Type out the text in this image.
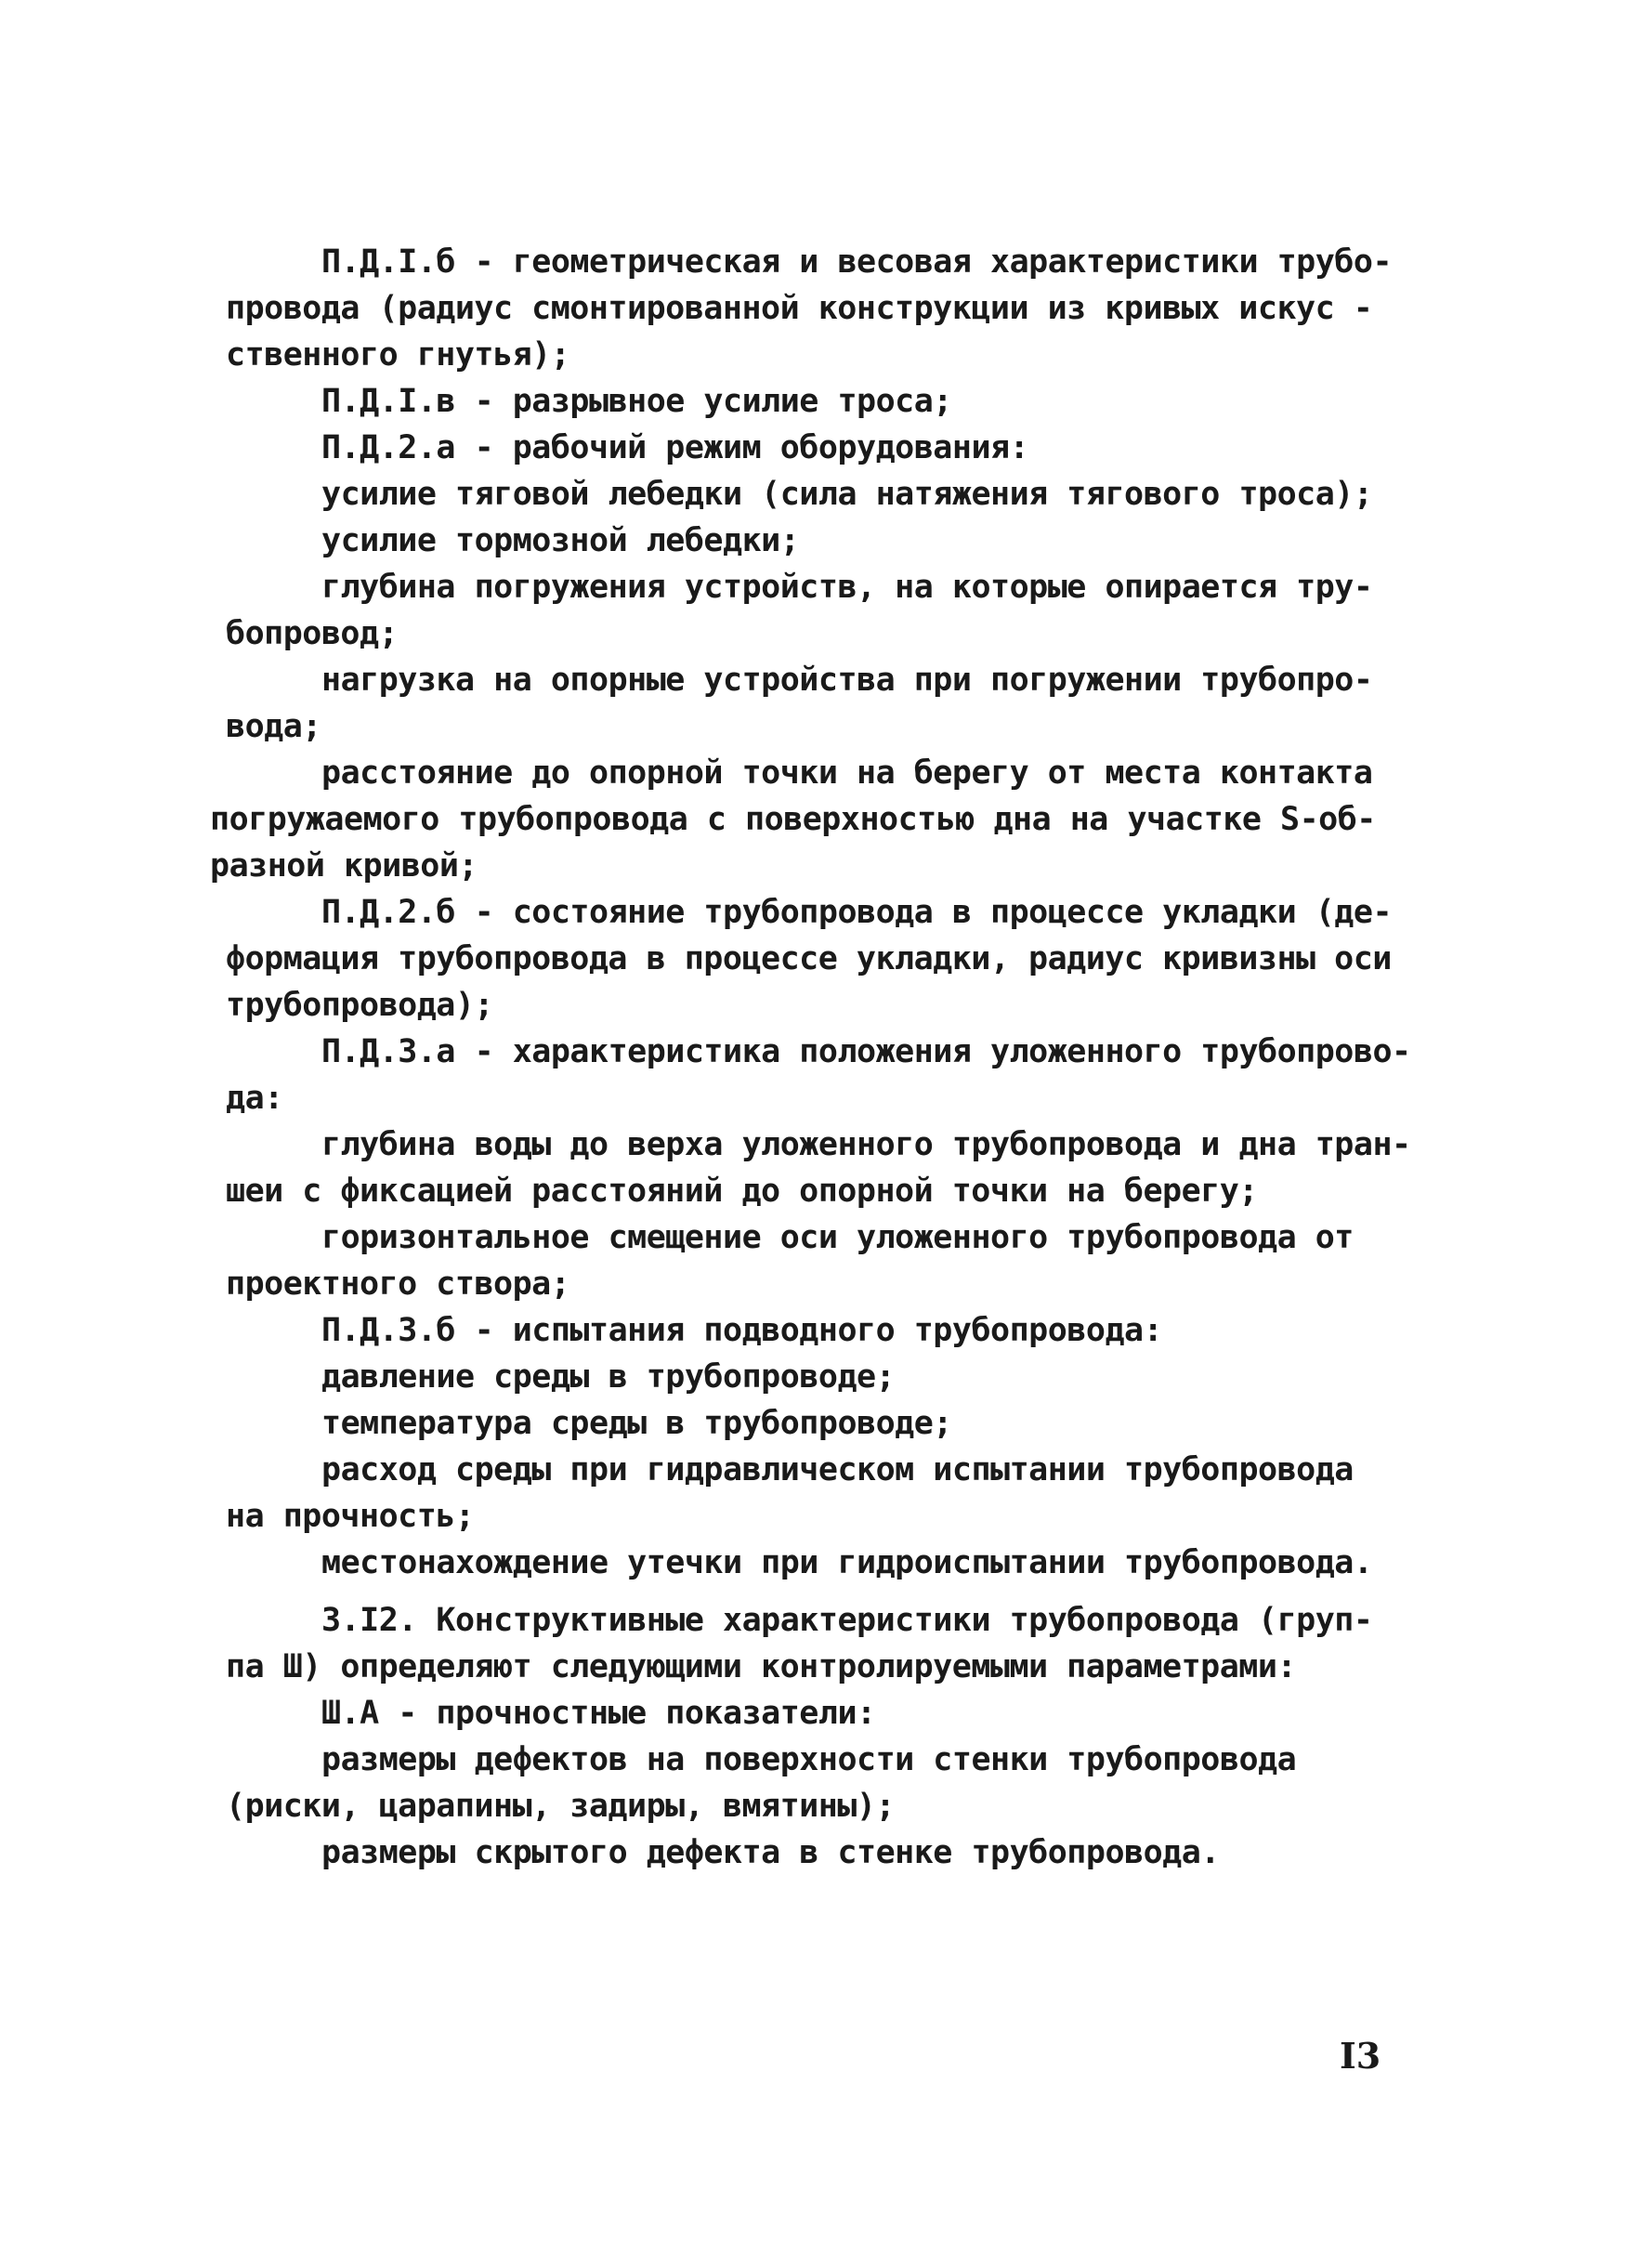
П.Д.I.б - геометрическая и весовая характеристики трубо-
провода (радиус смонтированной конструкции из кривых искус -
ственного гнутья);
П.Д.I.в - разрывное усилие троса;
П.Д.2.а - рабочий режим оборудования:
усилие тяговой лебедки (сила натяжения тягового троса);
усилие тормозной лебедки;
глубина погружения устройств, на которые опирается тру-
бопровод;
нагрузка на опорные устройства при погружении трубопро-
вода;
расстояние до опорной точки на берегу от места контакта
погружаемого трубопровода с поверхностью дна на участке S-об-
разной кривой;
П.Д.2.б - состояние трубопровода в процессе укладки (де-
формация трубопровода в процессе укладки, радиус кривизны оси
трубопровода);
П.Д.3.а - характеристика положения уложенного трубопрово-
да:
глубина воды до верха уложенного трубопровода и дна тран-
шеи с фиксацией расстояний до опорной точки на берегу;
горизонтальное смещение оси уложенного трубопровода от
проектного створа;
П.Д.3.б - испытания подводного трубопровода:
давление среды в трубопроводе;
температура среды в трубопроводе;
расход среды при гидравлическом испытании трубопровода
на прочность;
местонахождение утечки при гидроиспытании трубопровода.
3.I2. Конструктивные характеристики трубопровода (груп-
па Ш) определяют следующими контролируемыми параметрами:
Ш.А - прочностные показатели:
размеры дефектов на поверхности стенки трубопровода
(риски, царапины, задиры, вмятины);
размеры скрытого дефекта в стенке трубопровода.
I3
